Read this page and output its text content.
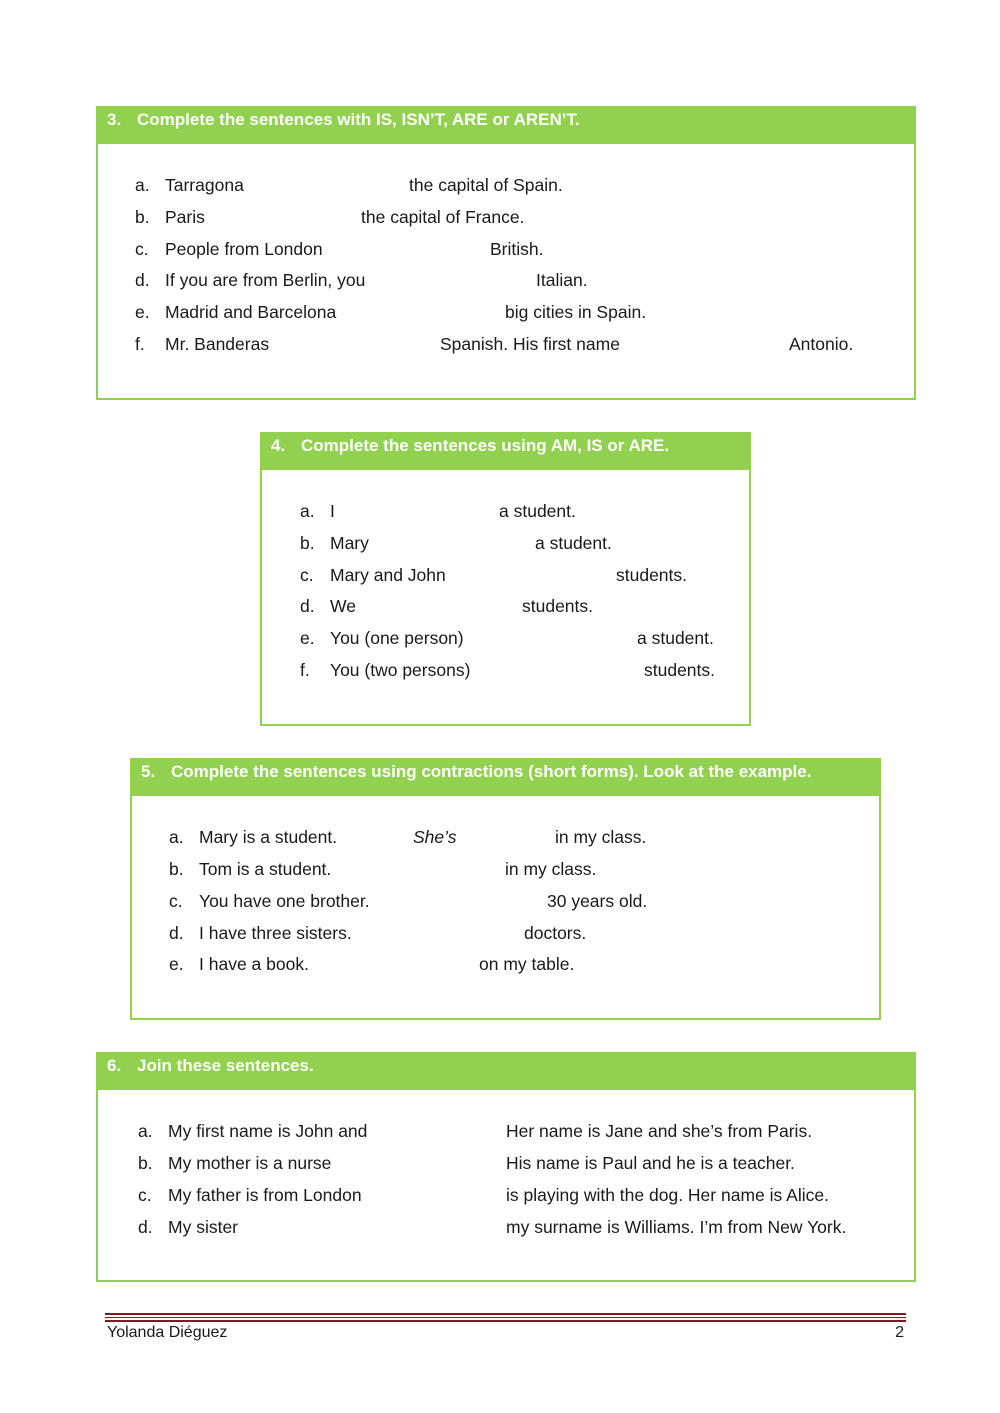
3. Complete the sentences with IS, ISN’T, ARE or AREN’T.
a. Tarragona	the capital of Spain.
b. Paris	the capital of France.
c. People from London	British.
d. If you are from Berlin, you	Italian.
e. Madrid and Barcelona	big cities in Spain.
f. Mr. Banderas	Spanish. His first name	Antonio.
4. Complete the sentences using AM, IS or ARE.
a. I	a student.
b. Mary	a student.
c. Mary and John	students.
d. We	students.
e. You (one person)	a student.
f. You (two persons)	students.
5. Complete the sentences using contractions (short forms). Look at the example.
a. Mary is a student.	She’s	in my class.
b. Tom is a student.	in my class.
c. You have one brother.	30 years old.
d. I have three sisters.	doctors.
e. I have a book.	on my table.
6. Join these sentences.
a. My first name is John and	Her name is Jane and she’s from Paris.
b. My mother is a nurse	His name is Paul and he is a teacher.
c. My father is from London	is playing with the dog. Her name is Alice.
d. My sister	my surname is Williams. I’m from New York.
Yolanda Diéguez	2
